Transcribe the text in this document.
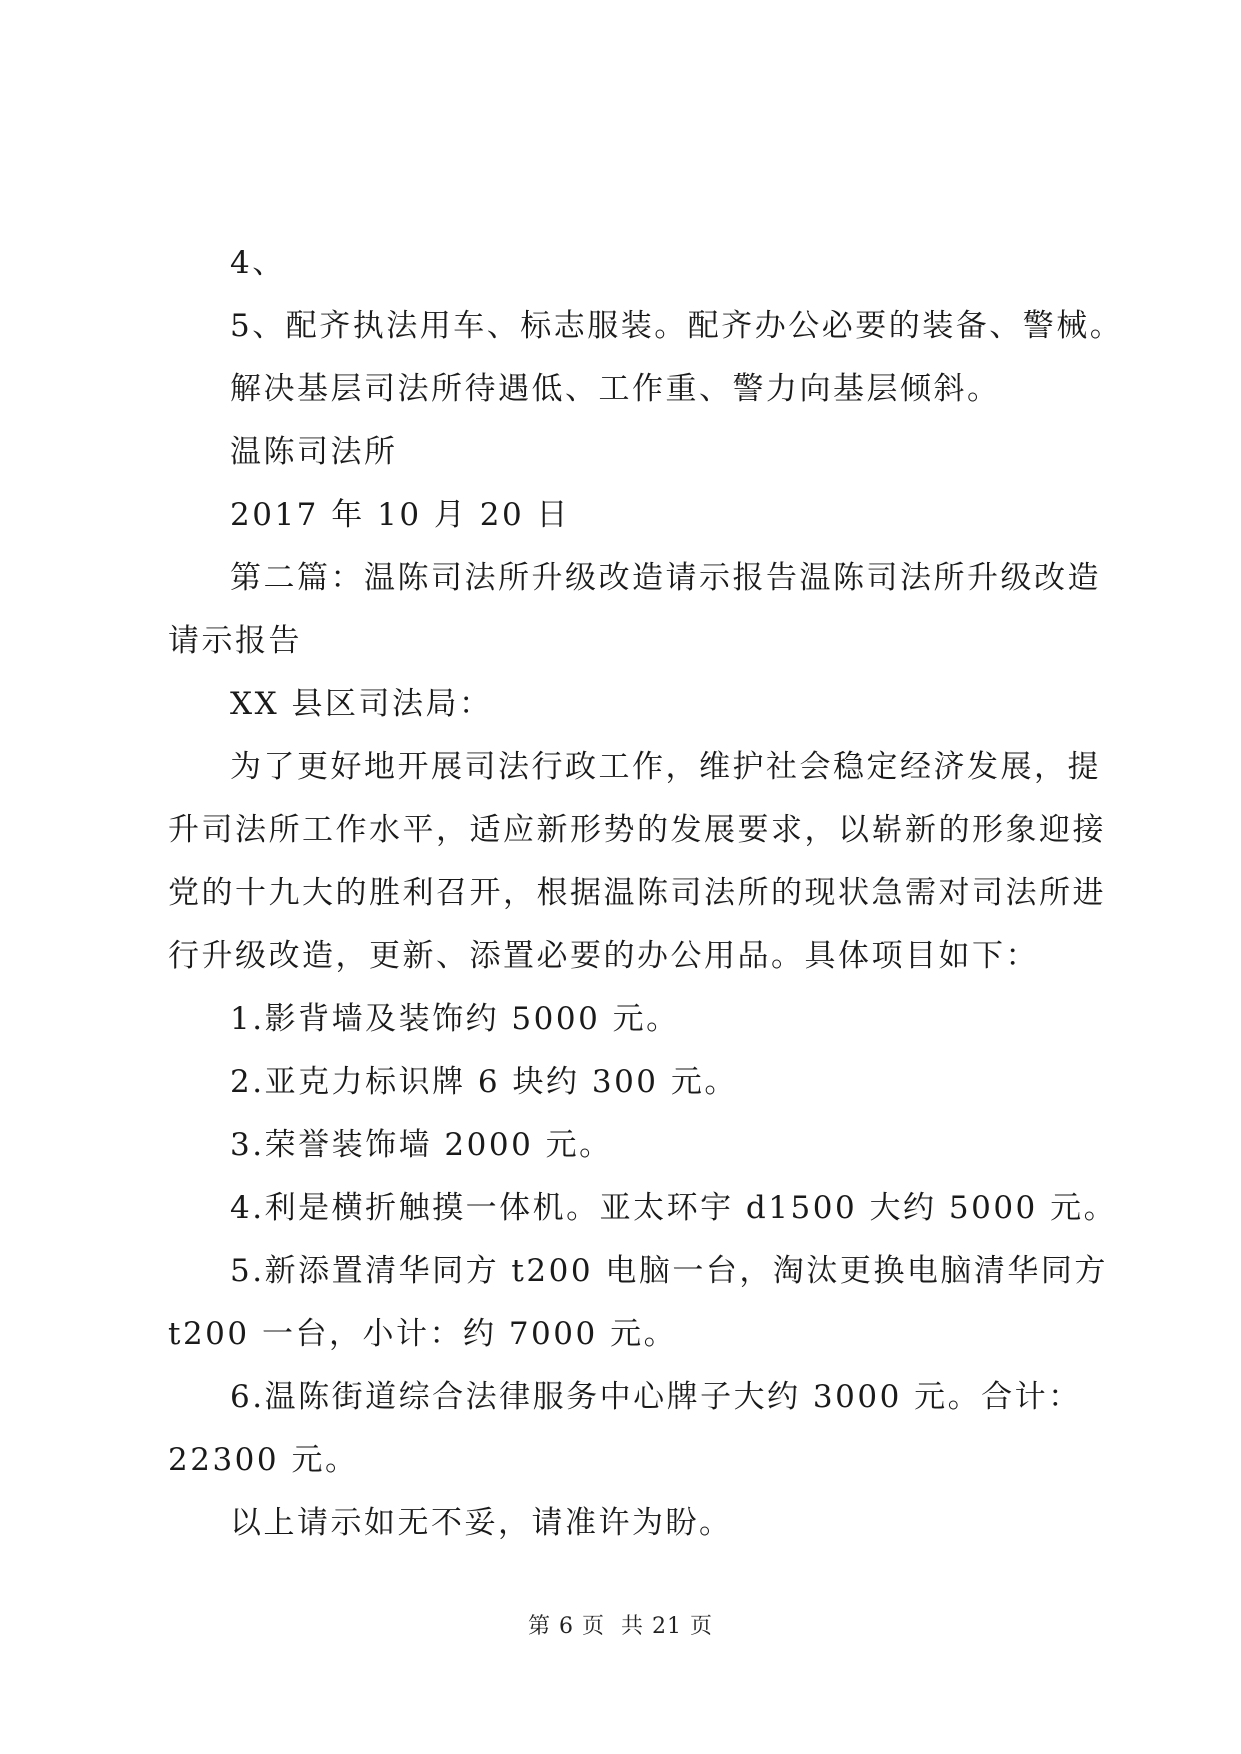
4、

5、配齐执法用车、标志服装。配齐办公必要的装备、警械。

解决基层司法所待遇低、工作重、警力向基层倾斜。

温陈司法所

2017 年 10 月 20 日

第二篇：温陈司法所升级改造请示报告温陈司法所升级改造

请示报告

XX 县区司法局：

为了更好地开展司法行政工作，维护社会稳定经济发展，提

升司法所工作水平，适应新形势的发展要求，以崭新的形象迎接

党的十九大的胜利召开，根据温陈司法所的现状急需对司法所进

行升级改造，更新、添置必要的办公用品。具体项目如下：

1.影背墙及装饰约 5000 元。

2.亚克力标识牌 6 块约 300 元。

3.荣誉装饰墙 2000 元。

4.利是横折触摸一体机。亚太环宇 d1500 大约 5000 元。

5.新添置清华同方 t200 电脑一台，淘汰更换电脑清华同方

t200 一台，小计：约 7000 元。

6.温陈街道综合法律服务中心牌子大约 3000 元。合计：

22300 元。

以上请示如无不妥，请准许为盼。

第 6 页 共 21 页
